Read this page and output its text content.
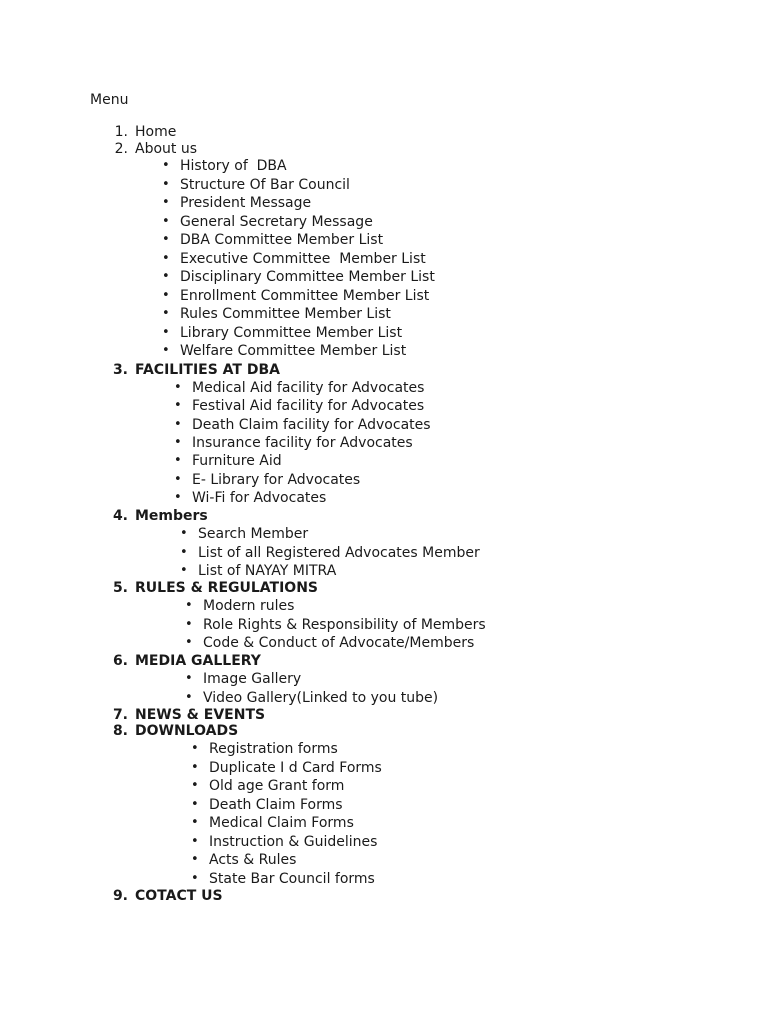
Menu
1. Home
2. About us
• History of  DBA
• Structure Of Bar Council
• President Message
• General Secretary Message
• DBA Committee Member List
• Executive Committee  Member List
• Disciplinary Committee Member List
• Enrollment Committee Member List
• Rules Committee Member List
• Library Committee Member List
• Welfare Committee Member List
3. FACILITIES AT DBA
• Medical Aid facility for Advocates
• Festival Aid facility for Advocates
• Death Claim facility for Advocates
• Insurance facility for Advocates
• Furniture Aid
• E- Library for Advocates
• Wi-Fi for Advocates
4. Members
• Search Member
• List of all Registered Advocates Member
• List of NAYAY MITRA
5. RULES & REGULATIONS
• Modern rules
• Role Rights & Responsibility of Members
• Code & Conduct of Advocate/Members
6. MEDIA GALLERY
• Image Gallery
• Video Gallery(Linked to you tube)
7. NEWS & EVENTS
8. DOWNLOADS
• Registration forms
• Duplicate I d Card Forms
• Old age Grant form
• Death Claim Forms
• Medical Claim Forms
• Instruction & Guidelines
• Acts & Rules
• State Bar Council forms
9. COTACT US
